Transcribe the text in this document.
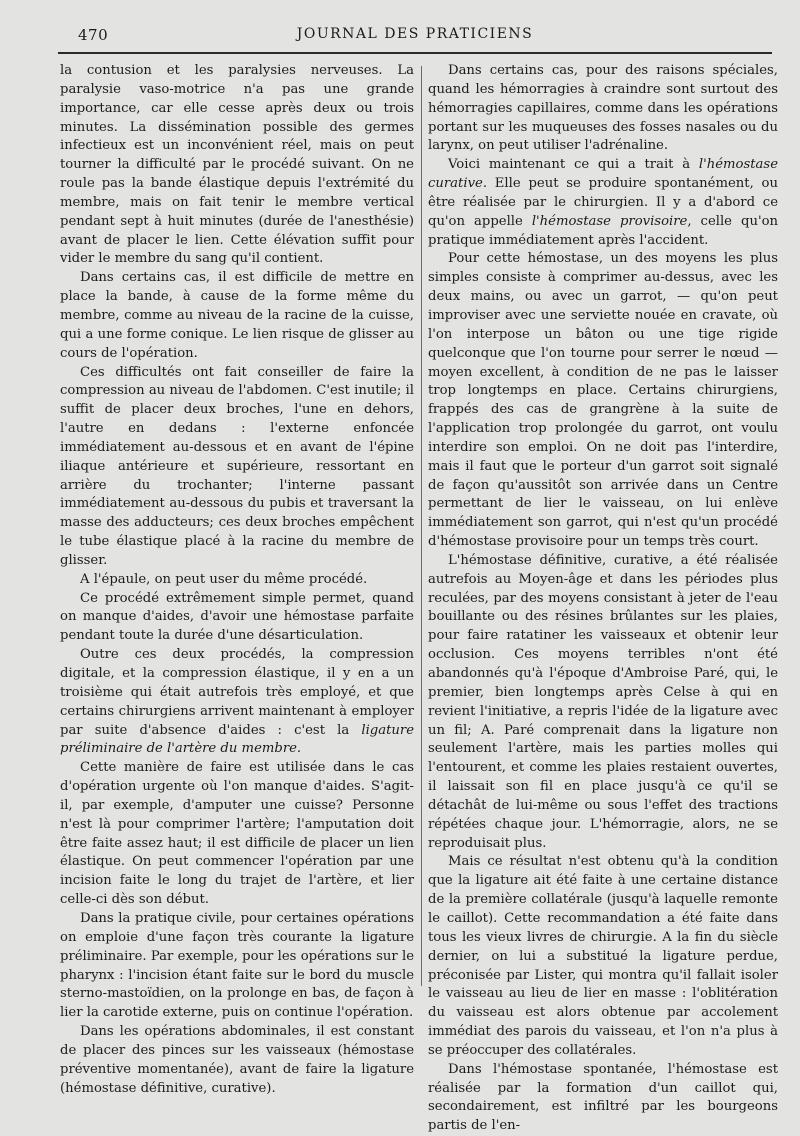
470	JOURNAL DES PRATICIENS

la contusion et les paralysies nerveuses. La paralysie vaso-motrice n'a pas une grande importance, car elle cesse après deux ou trois minutes. La dissémination possible des germes infectieux est un inconvénient réel, mais on peut tourner la difficulté par le procédé suivant. On ne roule pas la bande élastique depuis l'extrémité du membre, mais on fait tenir le membre vertical pendant sept à huit minutes (durée de l'anesthésie) avant de placer le lien. Cette élévation suffit pour vider le membre du sang qu'il contient.

Dans certains cas, il est difficile de mettre en place la bande, à cause de la forme même du membre, comme au niveau de la racine de la cuisse, qui a une forme conique. Le lien risque de glisser au cours de l'opération.

Ces difficultés ont fait conseiller de faire la compression au niveau de l'abdomen. C'est inutile; il suffit de placer deux broches, l'une en dehors, l'autre en dedans : l'externe enfoncée immédiatement au-dessous et en avant de l'épine iliaque antérieure et supérieure, ressortant en arrière du trochanter; l'interne passant immédiatement au-dessous du pubis et traversant la masse des adducteurs; ces deux broches empêchent le tube élastique placé à la racine du membre de glisser.

A l'épaule, on peut user du même procédé.

Ce procédé extrêmement simple permet, quand on manque d'aides, d'avoir une hémostase parfaite pendant toute la durée d'une désarticulation.

Outre ces deux procédés, la compression digitale, et la compression élastique, il y en a un troisième qui était autrefois très employé, et que certains chirurgiens arrivent maintenant à employer par suite d'absence d'aides : c'est la ligature préliminaire de l'artère du membre.

Cette manière de faire est utilisée dans le cas d'opération urgente où l'on manque d'aides. S'agit-il, par exemple, d'amputer une cuisse? Personne n'est là pour comprimer l'artère; l'amputation doit être faite assez haut; il est difficile de placer un lien élastique. On peut commencer l'opération par une incision faite le long du trajet de l'artère, et lier celle-ci dès son début.

Dans la pratique civile, pour certaines opérations on emploie d'une façon très courante la ligature préliminaire. Par exemple, pour les opérations sur le pharynx : l'incision étant faite sur le bord du muscle sterno-mastoïdien, on la prolonge en bas, de façon à lier la carotide externe, puis on continue l'opération.

Dans les opérations abdominales, il est constant de placer des pinces sur les vaisseaux (hémostase préventive momentanée), avant de faire la ligature (hémostase définitive, curative).

Dans certains cas, pour des raisons spéciales, quand les hémorragies à craindre sont surtout des hémorragies capillaires, comme dans les opérations portant sur les muqueuses des fosses nasales ou du larynx, on peut utiliser l'adrénaline.

Voici maintenant ce qui a trait à l'hémostase curative. Elle peut se produire spontanément, ou être réalisée par le chirurgien. Il y a d'abord ce qu'on appelle l'hémostase provisoire, celle qu'on pratique immédiatement après l'accident.

Pour cette hémostase, un des moyens les plus simples consiste à comprimer au-dessus, avec les deux mains, ou avec un garrot, — qu'on peut improviser avec une serviette nouée en cravate, où l'on interpose un bâton ou une tige rigide quelconque que l'on tourne pour serrer le nœud — moyen excellent, à condition de ne pas le laisser trop longtemps en place. Certains chirurgiens, frappés des cas de grangrène à la suite de l'application trop prolongée du garrot, ont voulu interdire son emploi. On ne doit pas l'interdire, mais il faut que le porteur d'un garrot soit signalé de façon qu'aussitôt son arrivée dans un Centre permettant de lier le vaisseau, on lui enlève immédiatement son garrot, qui n'est qu'un procédé d'hémostase provisoire pour un temps très court.

L'hémostase définitive, curative, a été réalisée autrefois au Moyen-âge et dans les périodes plus reculées, par des moyens consistant à jeter de l'eau bouillante ou des résines brûlantes sur les plaies, pour faire ratatiner les vaisseaux et obtenir leur occlusion. Ces moyens terribles n'ont été abandonnés qu'à l'époque d'Ambroise Paré, qui, le premier, bien longtemps après Celse à qui en revient l'initiative, a repris l'idée de la ligature avec un fil; A. Paré comprenait dans la ligature non seulement l'artère, mais les parties molles qui l'entourent, et comme les plaies restaient ouvertes, il laissait son fil en place jusqu'à ce qu'il se détachât de lui-même ou sous l'effet des tractions répétées chaque jour. L'hémorragie, alors, ne se reproduisait plus.

Mais ce résultat n'est obtenu qu'à la condition que la ligature ait été faite à une certaine distance de la première collatérale (jusqu'à laquelle remonte le caillot). Cette recommandation a été faite dans tous les vieux livres de chirurgie. A la fin du siècle dernier, on lui a substitué la ligature perdue, préconisée par Lister, qui montra qu'il fallait isoler le vaisseau au lieu de lier en masse : l'oblitération du vaisseau est alors obtenue par accolement immédiat des parois du vaisseau, et l'on n'a plus à se préoccuper des collatérales.

Dans l'hémostase spontanée, l'hémostase est réalisée par la formation d'un caillot qui, secondairement, est infiltré par les bourgeons partis de l'en-
